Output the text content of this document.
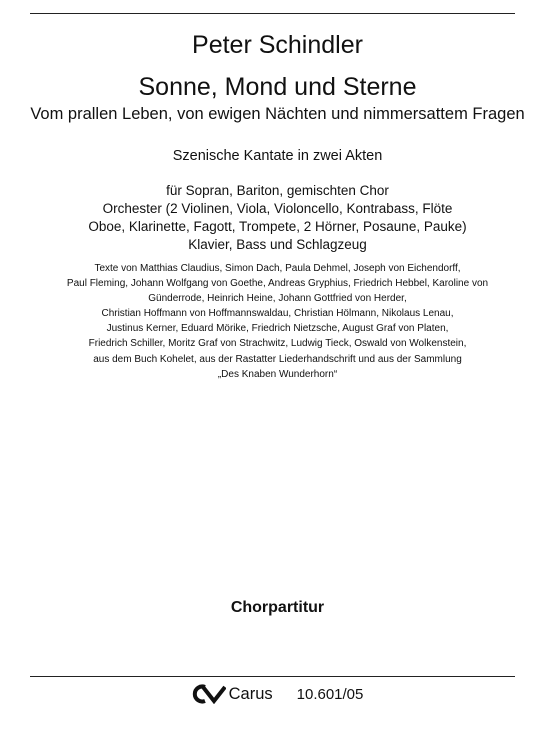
Peter Schindler
Sonne, Mond und Sterne
Vom prallen Leben, von ewigen Nächten und nimmersattem Fragen
Szenische Kantate in zwei Akten
für Sopran, Bariton, gemischten Chor
Orchester (2 Violinen, Viola, Violoncello, Kontrabass, Flöte
Oboe, Klarinette, Fagott, Trompete, 2 Hörner, Posaune, Pauke)
Klavier, Bass und Schlagzeug
Texte von Matthias Claudius, Simon Dach, Paula Dehmel, Joseph von Eichendorff,
Paul Fleming, Johann Wolfgang von Goethe, Andreas Gryphius, Friedrich Hebbel, Karoline von
Günderrode, Heinrich Heine, Johann Gottfried von Herder,
Christian Hoffmann von Hoffmannswaldau, Christian Hölmann, Nikolaus Lenau,
Justinus Kerner, Eduard Mörike, Friedrich Nietzsche, August Graf von Platen,
Friedrich Schiller, Moritz Graf von Strachwitz, Ludwig Tieck, Oswald von Wolkenstein,
aus dem Buch Kohelet, aus der Rastatter Liederhandschrift und aus der Sammlung
„Des Knaben Wunderhorn“
Chorpartitur
Carus 10.601/05
